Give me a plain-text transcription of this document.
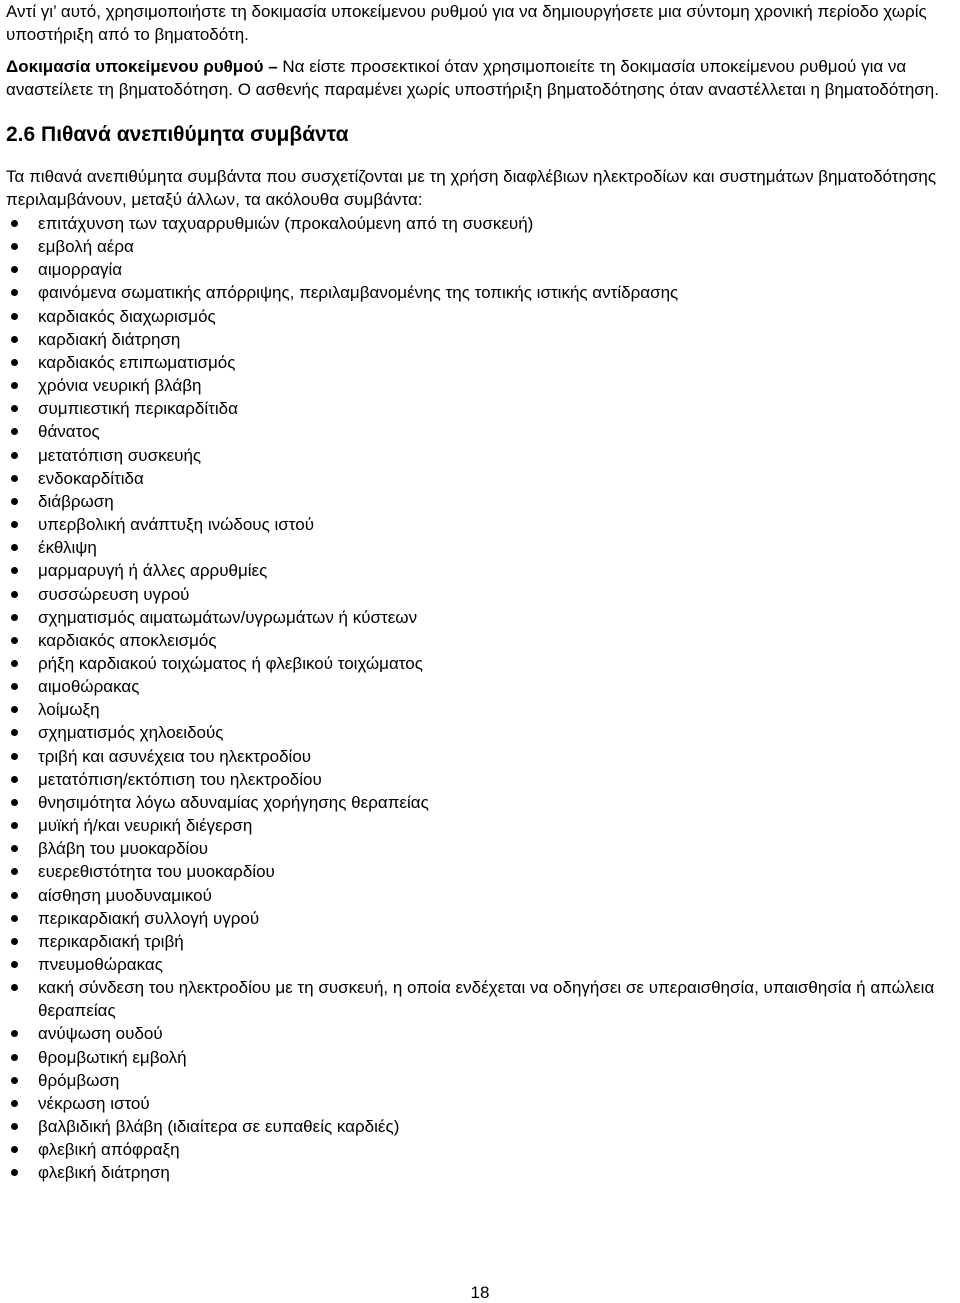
Αντί γι’ αυτό, χρησιμοποιήστε τη δοκιμασία υποκείμενου ρυθμού για να δημιουργήσετε μια σύντομη χρονική περίοδο χωρίς υποστήριξη από το βηματοδότη.

Δοκιμασία υποκείμενου ρυθμού – Να είστε προσεκτικοί όταν χρησιμοποιείτε τη δοκιμασία υποκείμενου ρυθμού για να αναστείλετε τη βηματοδότηση. Ο ασθενής παραμένει χωρίς υποστήριξη βηματοδότησης όταν αναστέλλεται η βηματοδότηση.

2.6 Πιθανά ανεπιθύμητα συμβάντα

Τα πιθανά ανεπιθύμητα συμβάντα που συσχετίζονται με τη χρήση διαφλέβιων ηλεκτροδίων και συστημάτων βηματοδότησης περιλαμβάνουν, μεταξύ άλλων, τα ακόλουθα συμβάντα:

επιτάχυνση των ταχυαρρυθμιών (προκαλούμενη από τη συσκευή)
εμβολή αέρα
αιμορραγία
φαινόμενα σωματικής απόρριψης, περιλαμβανομένης της τοπικής ιστικής αντίδρασης
καρδιακός διαχωρισμός
καρδιακή διάτρηση
καρδιακός επιπωματισμός
χρόνια νευρική βλάβη
συμπιεστική περικαρδίτιδα
θάνατος
μετατόπιση συσκευής
ενδοκαρδίτιδα
διάβρωση
υπερβολική ανάπτυξη ινώδους ιστού
έκθλιψη
μαρμαρυγή ή άλλες αρρυθμίες
συσσώρευση υγρού
σχηματισμός αιματωμάτων/υγρωμάτων ή κύστεων
καρδιακός αποκλεισμός
ρήξη καρδιακού τοιχώματος ή φλεβικού τοιχώματος
αιμοθώρακας
λοίμωξη
σχηματισμός χηλοειδούς
τριβή και ασυνέχεια του ηλεκτροδίου
μετατόπιση/εκτόπιση του ηλεκτροδίου
θνησιμότητα λόγω αδυναμίας χορήγησης θεραπείας
μυϊκή ή/και νευρική διέγερση
βλάβη του μυοκαρδίου
ευερεθιστότητα του μυοκαρδίου
αίσθηση μυοδυναμικού
περικαρδιακή συλλογή υγρού
περικαρδιακή τριβή
πνευμοθώρακας
κακή σύνδεση του ηλεκτροδίου με τη συσκευή, η οποία ενδέχεται να οδηγήσει σε υπεραισθησία, υπαισθησία ή απώλεια θεραπείας
ανύψωση ουδού
θρομβωτική εμβολή
θρόμβωση
νέκρωση ιστού
βαλβιδική βλάβη (ιδιαίτερα σε ευπαθείς καρδιές)
φλεβική απόφραξη
φλεβική διάτρηση
18
